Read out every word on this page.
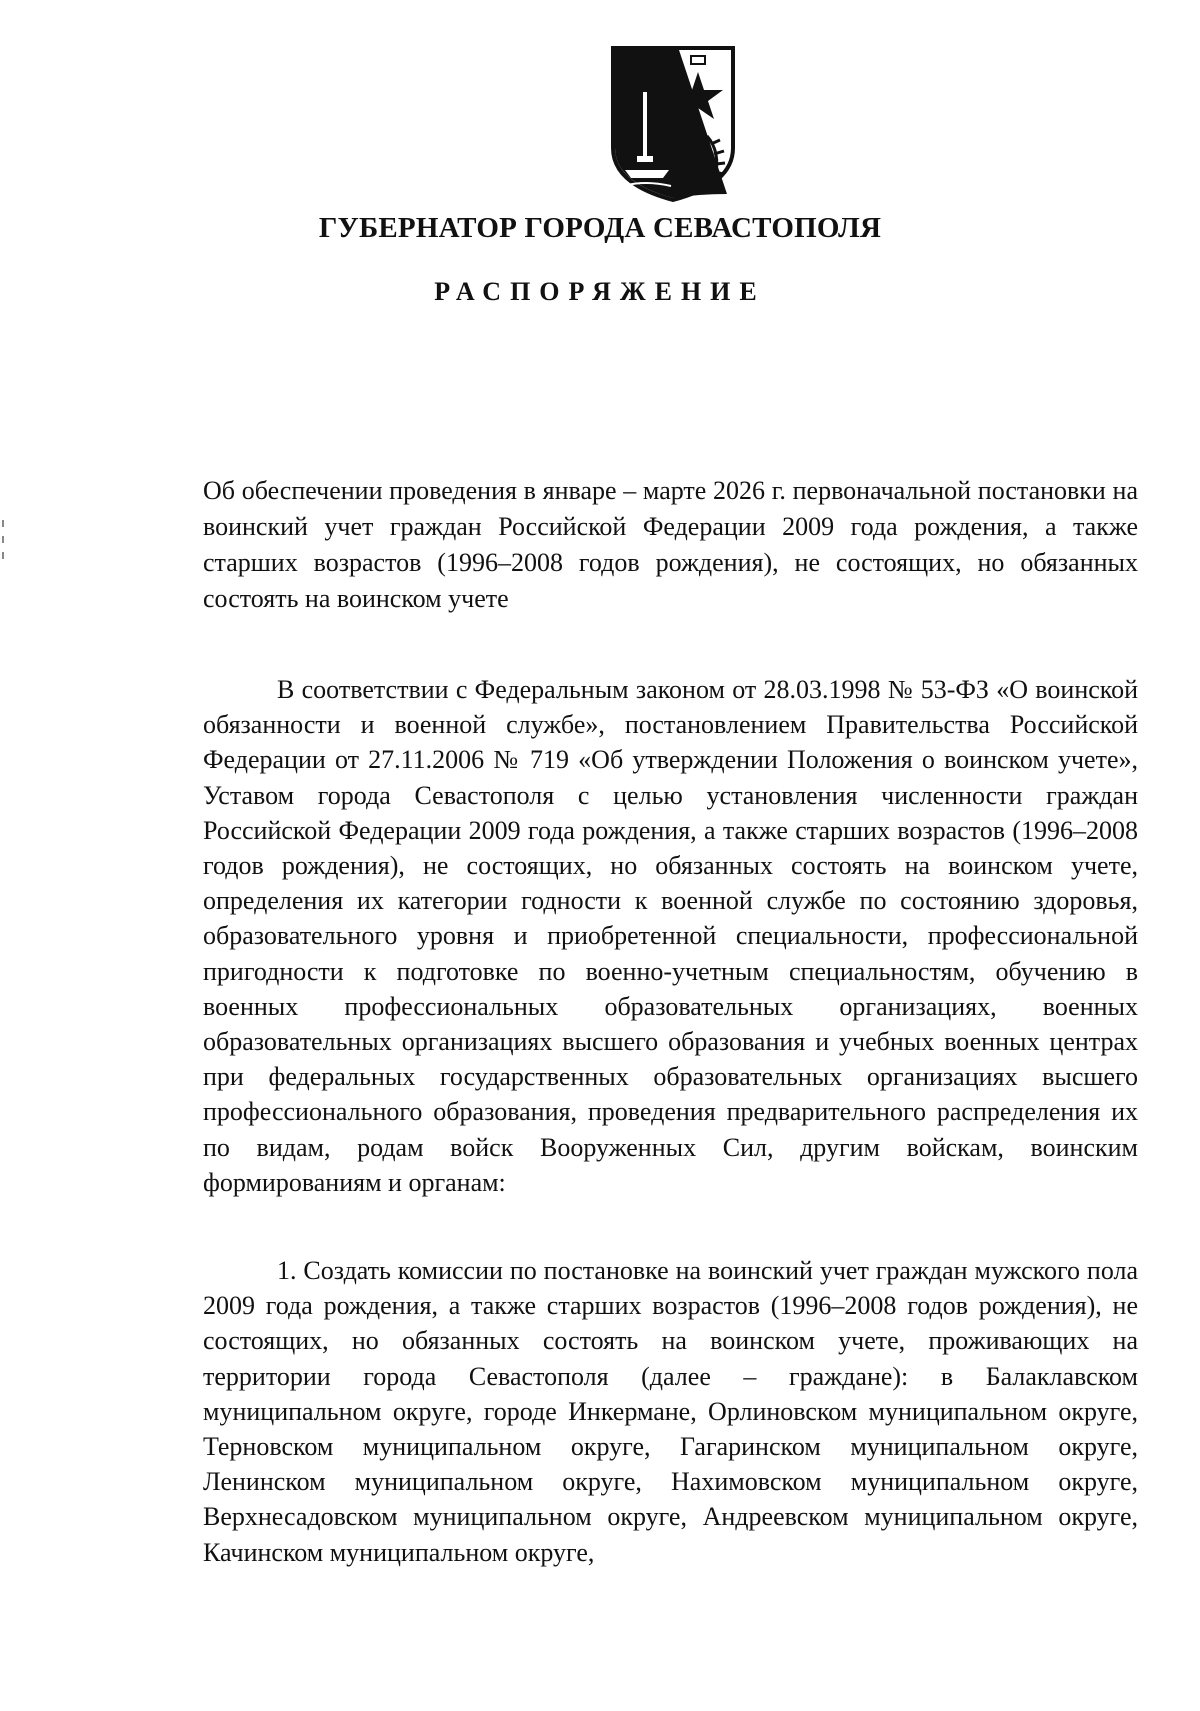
ГУБЕРНАТОР ГОРОДА СЕВАСТОПОЛЯ
РАСПОРЯЖЕНИЕ

Об обеспечении проведения в январе – марте 2026 г. первоначальной постановки на воинский учет граждан Российской Федерации 2009 года рождения, а также старших возрастов (1996–2008 годов рождения), не состоящих, но обязанных состоять на воинском учете

В соответствии с Федеральным законом от 28.03.1998 № 53-ФЗ «О воинской обязанности и военной службе», постановлением Правительства Российской Федерации от 27.11.2006 № 719 «Об утверждении Положения о воинском учете», Уставом города Севастополя с целью установления численности граждан Российской Федерации 2009 года рождения, а также старших возрастов (1996–2008 годов рождения), не состоящих, но обязанных состоять на воинском учете, определения их категории годности к военной службе по состоянию здоровья, образовательного уровня и приобретенной специальности, профессиональной пригодности к подготовке по военно-учетным специальностям, обучению в военных профессиональных образовательных организациях, военных образовательных организациях высшего образования и учебных военных центрах при федеральных государственных образовательных организациях высшего профессионального образования, проведения предварительного распределения их по видам, родам войск Вооруженных Сил, другим войскам, воинским формированиям и органам:

1. Создать комиссии по постановке на воинский учет граждан мужского пола 2009 года рождения, а также старших возрастов (1996–2008 годов рождения), не состоящих, но обязанных состоять на воинском учете, проживающих на территории города Севастополя (далее – граждане): в Балаклавском муниципальном округе, городе Инкермане, Орлиновском муниципальном округе, Терновском муниципальном округе, Гагаринском муниципальном округе, Ленинском муниципальном округе, Нахимовском муниципальном округе, Верхнесадовском муниципальном округе, Андреевском муниципальном округе, Качинском муниципальном округе,
